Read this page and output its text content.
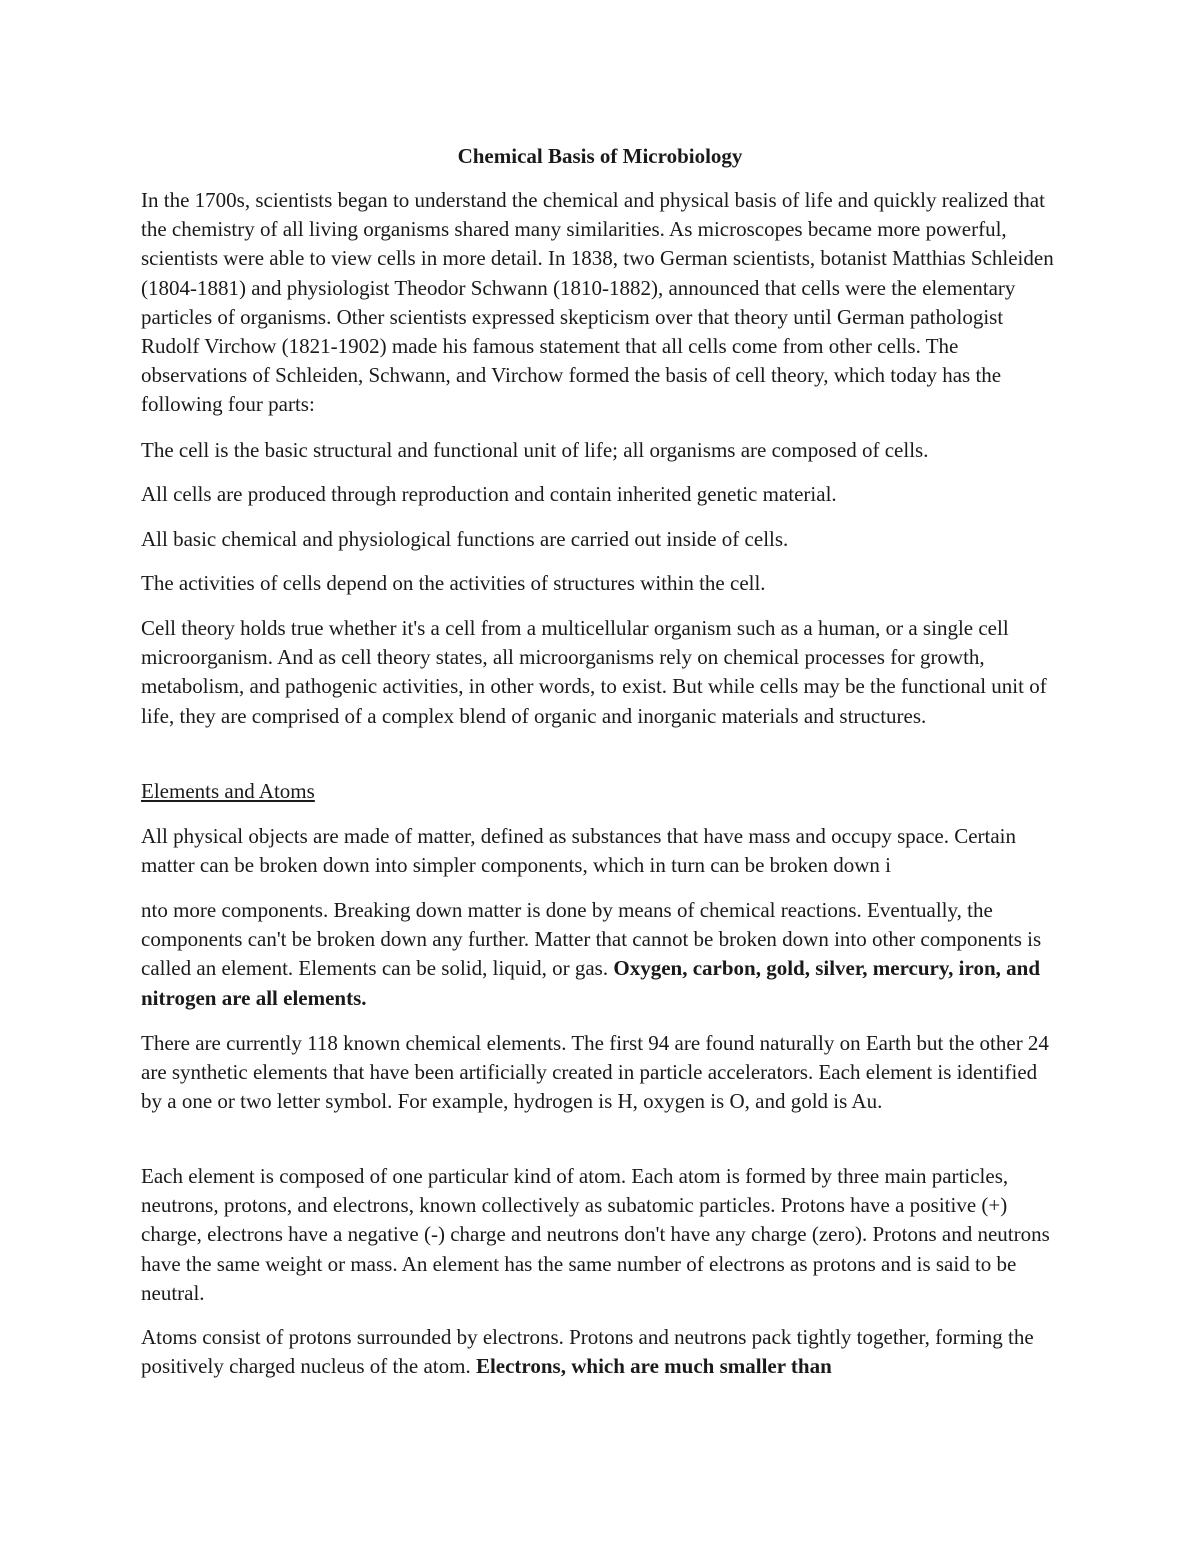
Chemical Basis of Microbiology

In the 1700s, scientists began to understand the chemical and physical basis of life and quickly realized that the chemistry of all living organisms shared many similarities. As microscopes became more powerful, scientists were able to view cells in more detail. In 1838, two German scientists, botanist Matthias Schleiden (1804-1881) and physiologist Theodor Schwann (1810-1882), announced that cells were the elementary particles of organisms. Other scientists expressed skepticism over that theory until German pathologist Rudolf Virchow (1821-1902) made his famous statement that all cells come from other cells. The observations of Schleiden, Schwann, and Virchow formed the basis of cell theory, which today has the following four parts:

The cell is the basic structural and functional unit of life; all organisms are composed of cells.

All cells are produced through reproduction and contain inherited genetic material.

All basic chemical and physiological functions are carried out inside of cells.

The activities of cells depend on the activities of structures within the cell.

Cell theory holds true whether it's a cell from a multicellular organism such as a human, or a single cell microorganism. And as cell theory states, all microorganisms rely on chemical processes for growth, metabolism, and pathogenic activities, in other words, to exist. But while cells may be the functional unit of life, they are comprised of a complex blend of organic and inorganic materials and structures.

Elements and Atoms

All physical objects are made of matter, defined as substances that have mass and occupy space. Certain matter can be broken down into simpler components, which in turn can be broken down i

nto more components. Breaking down matter is done by means of chemical reactions. Eventually, the components can't be broken down any further. Matter that cannot be broken down into other components is called an element. Elements can be solid, liquid, or gas. Oxygen, carbon, gold, silver, mercury, iron, and nitrogen are all elements.

There are currently 118 known chemical elements. The first 94 are found naturally on Earth but the other 24 are synthetic elements that have been artificially created in particle accelerators. Each element is identified by a one or two letter symbol. For example, hydrogen is H, oxygen is O, and gold is Au.

Each element is composed of one particular kind of atom. Each atom is formed by three main particles, neutrons, protons, and electrons, known collectively as subatomic particles. Protons have a positive (+) charge, electrons have a negative (-) charge and neutrons don't have any charge (zero). Protons and neutrons have the same weight or mass. An element has the same number of electrons as protons and is said to be neutral.

Atoms consist of protons surrounded by electrons. Protons and neutrons pack tightly together, forming the positively charged nucleus of the atom. Electrons, which are much smaller than
